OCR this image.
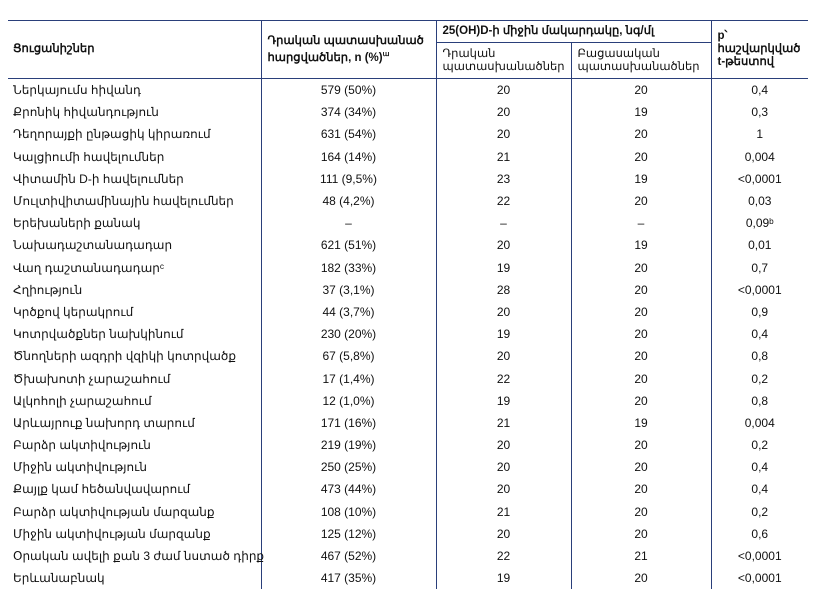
Ցուցանիշներ	Դրական պատասխանած հարցվածներ, n (%)$^ա$	25(OH)D-ի միջին մակարդակը, նգ/մլ		p՝ հաշվարկված t-թեստով
		Դրական պատասխանածներ	Բացասական պատասխանածներ	
Ներկայումս հիվանդ	579 (50%)	20	20	0,4
Քրոնիկ հիվանդություն	374 (34%)	20	19	0,3
Դեղորայքի ընթացիկ կիրառում	631 (54%)	20	20	1
Կալցիումի հավելումներ	164 (14%)	21	20	0,004
Վիտամին D-ի հավելումներ	111 (9,5%)	23	19	<0,0001
Մուլտիվիտամինային հավելումներ	48 (4,2%)	22	20	0,03
Երեխաների քանակ	–	–	–	0,09ᵇ
Նախադաշտանադադար	621 (51%)	20	19	0,01
Վաղ դաշտանադադարᶜ	182 (33%)	19	20	0,7
Հղիություն	37 (3,1%)	28	20	<0,0001
Կրծքով կերակրում	44 (3,7%)	20	20	0,9
Կոտրվածքներ նախկինում	230 (20%)	19	20	0,4
Ծնողների ազդրի վզիկի կոտրվածք	67 (5,8%)	20	20	0,8
Ծխախոտի չարաշահում	17 (1,4%)	22	20	0,2
Ալկոհոլի չարաշահում	12 (1,0%)	19	20	0,8
Արևայրուք նախորդ տարում	171 (16%)	21	19	0,004
Բարձր ակտիվություն	219 (19%)	20	20	0,2
Միջին ակտիվություն	250 (25%)	20	20	0,4
Քայլք կամ հեծանվավարում	473 (44%)	20	20	0,4
Բարձր ակտիվության մարզանք	108 (10%)	21	20	0,2
Միջին ակտիվության մարզանք	125 (12%)	20	20	0,6
Օրական ավելի քան 3 ժամ նստած դիրք	467 (52%)	22	21	<0,0001
Երևանաբնակ	417 (35%)	19	20	<0,0001
